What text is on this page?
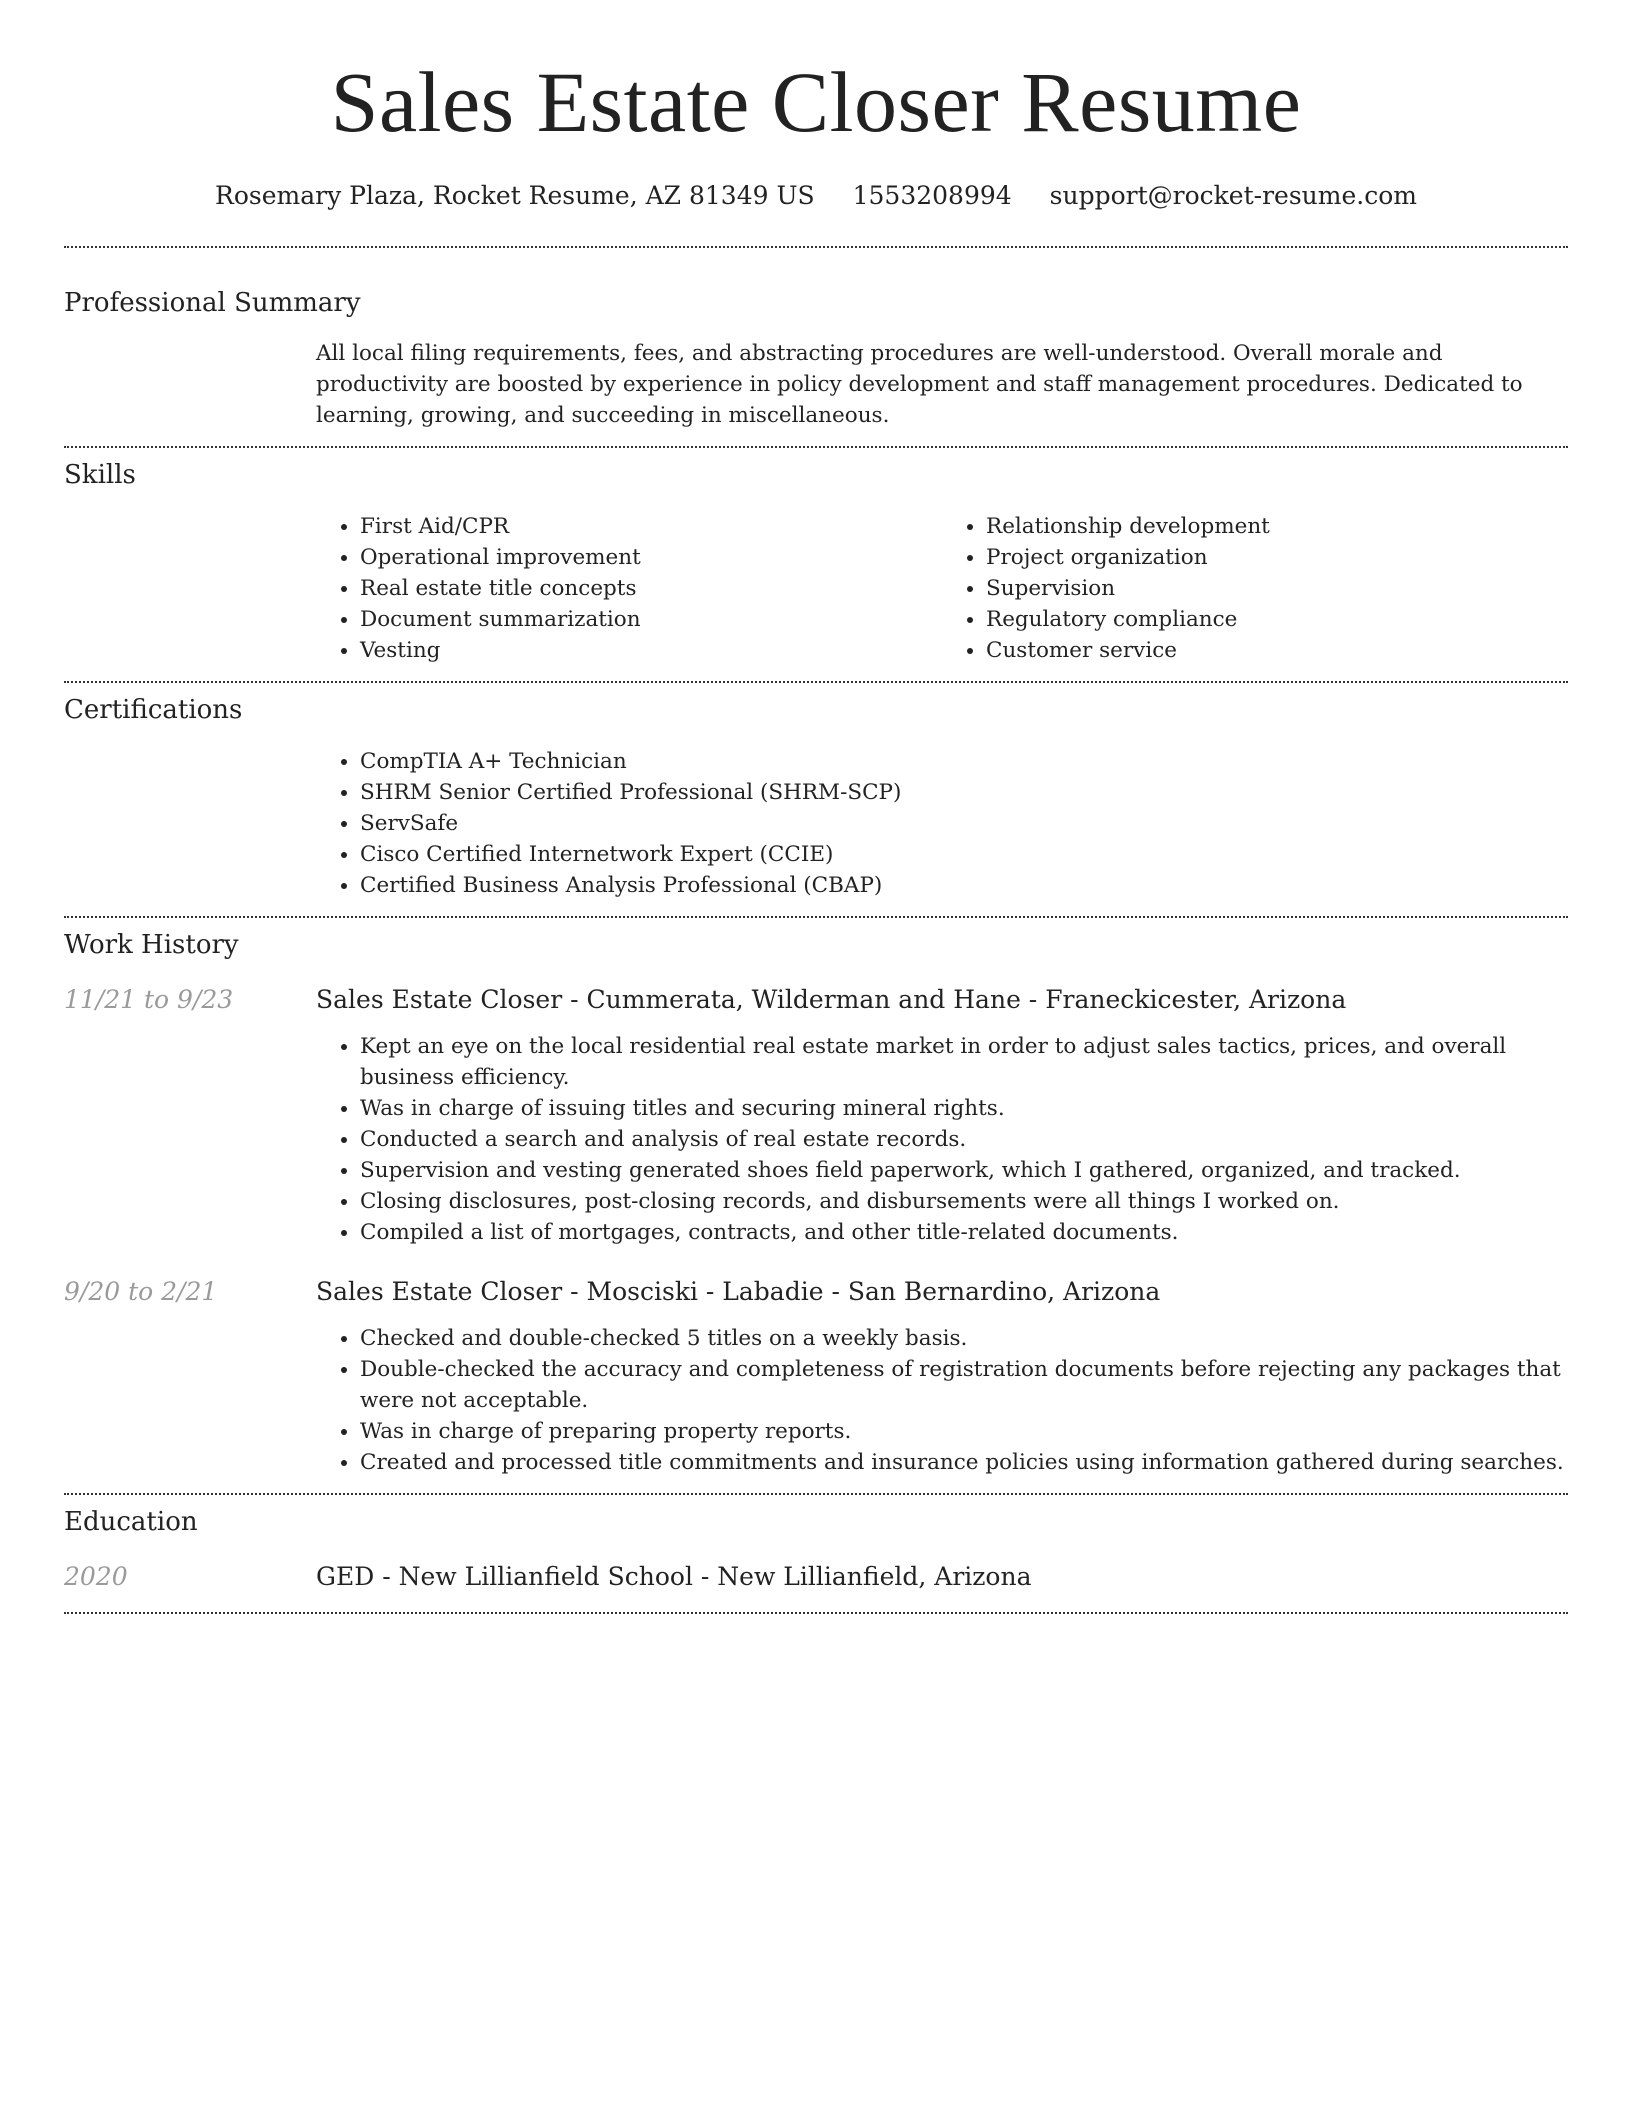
Sales Estate Closer Resume
Rosemary Plaza, Rocket Resume, AZ 81349 US 1553208994 support@rocket-resume.com
Professional Summary

All local filing requirements, fees, and abstracting procedures are well-understood. Overall morale and productivity are boosted by experience in policy development and staff management procedures. Dedicated to learning, growing, and succeeding in miscellaneous.

Skills
• First Aid/CPR
• Operational improvement
• Real estate title concepts
• Document summarization
• Vesting
• Relationship development
• Project organization
• Supervision
• Regulatory compliance
• Customer service
Certifications
• CompTIA A+ Technician
• SHRM Senior Certified Professional (SHRM-SCP)
• ServSafe
• Cisco Certified Internetwork Expert (CCIE)
• Certified Business Analysis Professional (CBAP)
Work History
11/21 to 9/23	Sales Estate Closer - Cummerata, Wilderman and Hane - Franeckicester, Arizona
• Kept an eye on the local residential real estate market in order to adjust sales tactics, prices, and overall business efficiency.
• Was in charge of issuing titles and securing mineral rights.
• Conducted a search and analysis of real estate records.
• Supervision and vesting generated shoes field paperwork, which I gathered, organized, and tracked.
• Closing disclosures, post-closing records, and disbursements were all things I worked on.
• Compiled a list of mortgages, contracts, and other title-related documents.
9/20 to 2/21	Sales Estate Closer - Mosciski - Labadie - San Bernardino, Arizona
• Checked and double-checked 5 titles on a weekly basis.
• Double-checked the accuracy and completeness of registration documents before rejecting any packages that were not acceptable.
• Was in charge of preparing property reports.
• Created and processed title commitments and insurance policies using information gathered during searches.
Education
2020	GED - New Lillianfield School - New Lillianfield, Arizona
